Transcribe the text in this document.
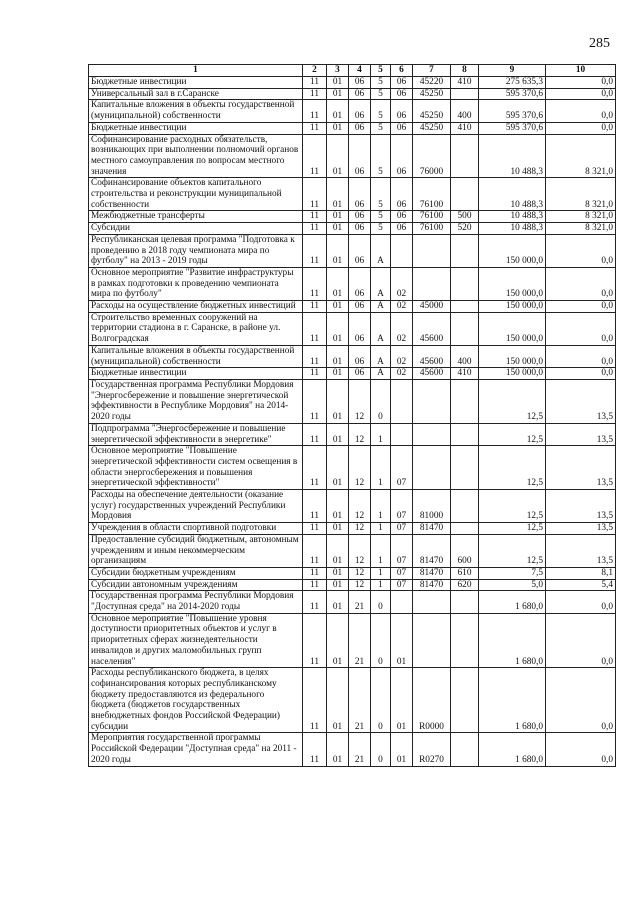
285
1	2	3	4	5	6	7	8	9	10
Бюджетные инвестиции	11	01	06	5	06	45220	410	275 635,3	0,0
Универсальный зал в г.Саранске	11	01	06	5	06	45250		595 370,6	0,0
Капитальные вложения в объекты государственной (муниципальной) собственности	11	01	06	5	06	45250	400	595 370,6	0,0
Бюджетные инвестиции	11	01	06	5	06	45250	410	595 370,6	0,0
Софинансирование расходных обязательств, возникающих при выполнении полномочий органов местного самоуправления по вопросам местного значения	11	01	06	5	06	76000		10 488,3	8 321,0
Софинансирование объектов капитального строительства и реконструкции муниципальной собственности	11	01	06	5	06	76100		10 488,3	8 321,0
Межбюджетные трансферты	11	01	06	5	06	76100	500	10 488,3	8 321,0
Субсидии	11	01	06	5	06	76100	520	10 488,3	8 321,0
Республиканская целевая программа "Подготовка к проведению в 2018 году чемпионата мира по футболу" на 2013 - 2019 годы	11	01	06	А				150 000,0	0,0
Основное мероприятие "Развитие инфраструктуры в рамках подготовки к проведению чемпионата мира по футболу"	11	01	06	А	02			150 000,0	0,0
Расходы на осуществление бюджетных инвестиций	11	01	06	А	02	45000		150 000,0	0,0
Строительство временных сооружений на территории стадиона в г. Саранске, в районе ул. Волгоградская	11	01	06	А	02	45600		150 000,0	0,0
Капитальные вложения в объекты государственной (муниципальной) собственности	11	01	06	А	02	45600	400	150 000,0	0,0
Бюджетные инвестиции	11	01	06	А	02	45600	410	150 000,0	0,0
Государственная программа Республики Мордовия "Энергосбережение и повышение энергетической эффективности в Республике Мордовия" на 2014-2020 годы	11	01	12	0				12,5	13,5
Подпрограмма "Энергосбережение и повышение энергетической эффективности в энергетике"	11	01	12	1				12,5	13,5
Основное мероприятие "Повышение энергетической эффективности систем освещения в области энергосбережения и повышения энергетической эффективности"	11	01	12	1	07			12,5	13,5
Расходы на обеспечение деятельности (оказание услуг) государственных учреждений Республики Мордовия	11	01	12	1	07	81000		12,5	13,5
Учреждения в области спортивной подготовки	11	01	12	1	07	81470		12,5	13,5
Предоставление субсидий бюджетным, автономным учреждениям и иным некоммерческим организациям	11	01	12	1	07	81470	600	12,5	13,5
Субсидии бюджетным учреждениям	11	01	12	1	07	81470	610	7,5	8,1
Субсидии автономным учреждениям	11	01	12	1	07	81470	620	5,0	5,4
Государственная программа Республики Мордовия "Доступная среда" на 2014-2020 годы	11	01	21	0				1 680,0	0,0
Основное мероприятие "Повышение уровня доступности приоритетных объектов и услуг в приоритетных сферах жизнедеятельности инвалидов и других маломобильных групп населения"	11	01	21	0	01			1 680,0	0,0
Расходы республиканского бюджета, в целях софинансирования которых республиканскому бюджету предоставляются из федерального бюджета (бюджетов государственных внебюджетных фондов Российской Федерации) субсидии	11	01	21	0	01	R0000		1 680,0	0,0
Мероприятия государственной программы Российской Федерации "Доступная среда" на 2011 - 2020 годы	11	01	21	0	01	R0270		1 680,0	0,0
